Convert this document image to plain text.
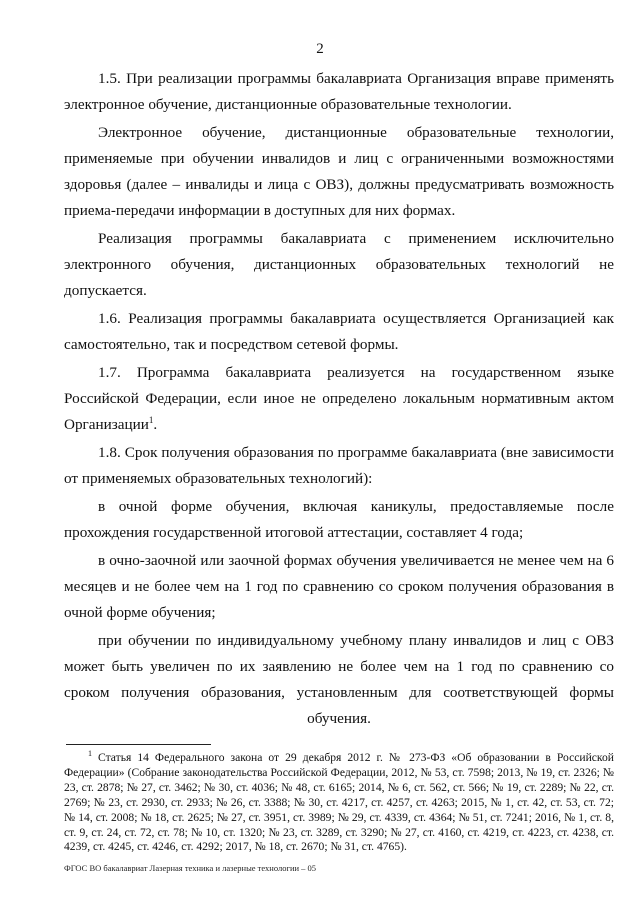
2

1.5. При реализации программы бакалавриата Организация вправе применять электронное обучение, дистанционные образовательные технологии.

Электронное обучение, дистанционные образовательные технологии, применяемые при обучении инвалидов и лиц с ограниченными возможностями здоровья (далее – инвалиды и лица с ОВЗ), должны предусматривать возможность приема-передачи информации в доступных для них формах.

Реализация программы бакалавриата с применением исключительно электронного обучения, дистанционных образовательных технологий не допускается.

1.6. Реализация программы бакалавриата осуществляется Организацией как самостоятельно, так и посредством сетевой формы.

1.7. Программа бакалавриата реализуется на государственном языке Российской Федерации, если иное не определено локальным нормативным актом Организации$^1$.

1.8. Срок получения образования по программе бакалавриата (вне зависимости от применяемых образовательных технологий):

в очной форме обучения, включая каникулы, предоставляемые после прохождения государственной итоговой аттестации, составляет 4 года;

в очно-заочной или заочной формах обучения увеличивается не менее чем на 6 месяцев и не более чем на 1 год по сравнению со сроком получения образования в очной форме обучения;

при обучении по индивидуальному учебному плану инвалидов и лиц с ОВЗ может быть увеличен по их заявлению не более чем на 1 год по сравнению со сроком получения образования, установленным для соответствующей формы обучения.

$^1$ Статья 14 Федерального закона от 29 декабря 2012 г. № 273-ФЗ «Об образовании в Российской Федерации» (Собрание законодательства Российской Федерации, 2012, № 53, ст. 7598; 2013, № 19, ст. 2326; № 23, ст. 2878; № 27, ст. 3462; № 30, ст. 4036; № 48, ст. 6165; 2014, № 6, ст. 562, ст. 566; № 19, ст. 2289; № 22, ст. 2769; № 23, ст. 2930, ст. 2933; № 26, ст. 3388; № 30, ст. 4217, ст. 4257, ст. 4263; 2015, № 1, ст. 42, ст. 53, ст. 72; № 14, ст. 2008; № 18, ст. 2625; № 27, ст. 3951, ст. 3989; № 29, ст. 4339, ст. 4364; № 51, ст. 7241; 2016, № 1, ст. 8, ст. 9, ст. 24, ст. 72, ст. 78; № 10, ст. 1320; № 23, ст. 3289, ст. 3290; № 27, ст. 4160, ст. 4219, ст. 4223, ст. 4238, ст. 4239, ст. 4245, ст. 4246, ст. 4292; 2017, № 18, ст. 2670; № 31, ст. 4765).

ФГОС ВО бакалавриат Лазерная техника и лазерные технологии – 05
